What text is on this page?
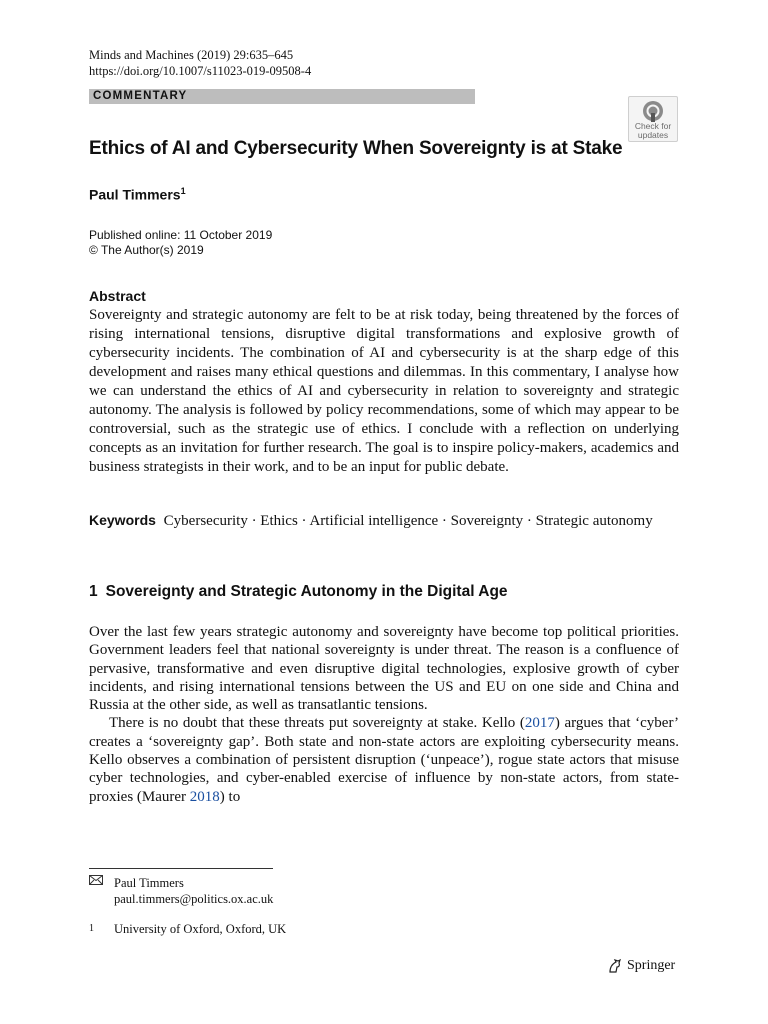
Minds and Machines (2019) 29:635–645
https://doi.org/10.1007/s11023-019-09508-4
COMMENTARY
Check for
updates
Ethics of AI and Cybersecurity When Sovereignty is at Stake
Paul Timmers$^1$
Published online: 11 October 2019
© The Author(s) 2019
Abstract
Sovereignty and strategic autonomy are felt to be at risk today, being threatened by the forces of rising international tensions, disruptive digital transformations and explosive growth of cybersecurity incidents. The combination of AI and cybersecurity is at the sharp edge of this development and raises many ethical questions and dilemmas. In this commentary, I analyse how we can understand the ethics of AI and cybersecurity in relation to sovereignty and strategic autonomy. The analysis is followed by policy recommendations, some of which may appear to be controversial, such as the strategic use of ethics. I conclude with a reflection on underlying concepts as an invitation for further research. The goal is to inspire policy-makers, academics and business strategists in their work, and to be an input for public debate.
Keywords Cybersecurity · Ethics · Artificial intelligence · Sovereignty · Strategic autonomy
1 Sovereignty and Strategic Autonomy in the Digital Age

Over the last few years strategic autonomy and sovereignty have become top political priorities. Government leaders feel that national sovereignty is under threat. The reason is a confluence of pervasive, transformative and even disruptive digital technologies, explosive growth of cyber incidents, and rising international tensions between the US and EU on one side and China and Russia at the other side, as well as transatlantic tensions.

There is no doubt that these threats put sovereignty at stake. Kello (2017) argues that ‘cyber’ creates a ‘sovereignty gap’. Both state and non-state actors are exploiting cybersecurity means. Kello observes a combination of persistent disruption (‘unpeace’), rogue state actors that misuse cyber technologies, and cyber-enabled exercise of influence by non-state actors, from state-proxies (Maurer 2018) to

Paul Timmers
paul.timmers@politics.ox.ac.uk
1	University of Oxford, Oxford, UK
Springer
